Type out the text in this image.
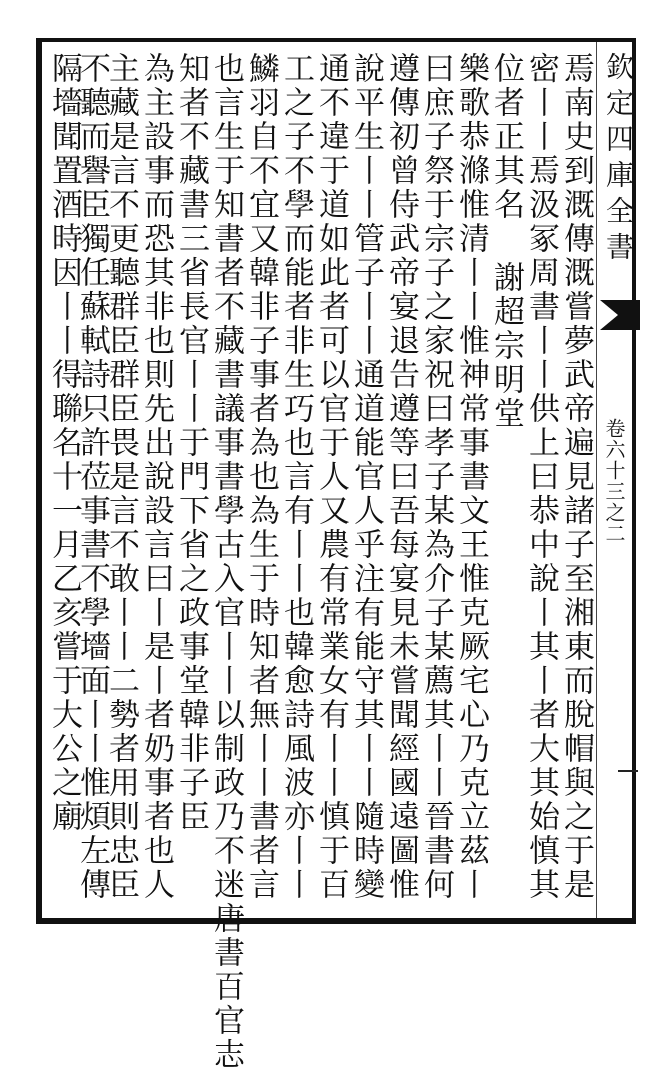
欽定四庫全書
卷六十三之二
焉南史到溉傳溉嘗夢武帝遍見諸子至湘東而脫帽與之于是
密丨丨焉汲冢周書丨丨供上曰恭中說丨其丨者大其始慎其
位者正其名 謝超宗明堂
樂歌恭滌惟清丨丨惟神常事書文王惟克厥宅心乃克立茲丨
曰庶子祭于宗子之家祝曰孝子某為介子某薦其丨丨晉書何
遵傳初曾侍武帝宴退告遵等曰吾每宴見未嘗聞經國遠圖惟
說平生丨丨管子丨丨通道能官人乎注有能守其丨丨隨時變
通不違于道如此者可以官于人又農有常業女有丨丨慎于百
工之子不學而能者非生巧也言有丨丨也韓愈詩風波亦丨丨
鱗羽自不宜又韓非子事者為也為生于時知者無丨丨書者言
也言生于知書者不藏書議事書學古入官丨丨以制政乃不迷唐書百官志
知者不藏書三省長官丨丨于門下省之政事堂韓非子臣
為主設事而恐其非也則先出說設言曰丨是丨者奶事者也人
主藏是言不更聽群臣群臣畏是言不敢丨丨二勢者用則忠臣
不聽而譽臣獨任蘇軾詩只許莅事書不學墻面丨丨惟煩左傳
隔墻聞置酒時因丨丨得聯名十一月乙亥嘗于大公之廟
